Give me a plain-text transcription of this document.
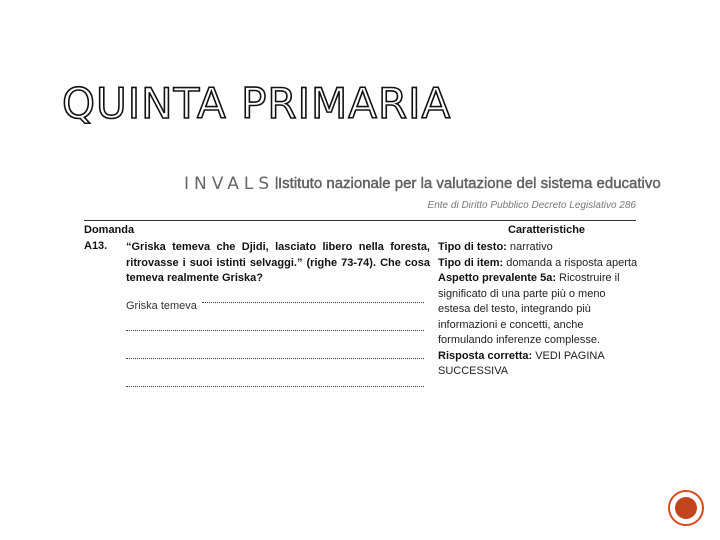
QUINTA PRIMARIA
INVALSI
Istituto nazionale per la valutazione del sistema educativo
Ente di Diritto Pubblico Decreto Legislativo 286
Domanda	Caratteristiche
A13. “Griska temeva che Djidi, lasciato libero nella foresta, ritrovasse i suoi istinti selvaggi.” (righe 73-74). Che cosa temeva realmente Griska?
Griska temeva
Tipo di testo: narrativo
Tipo di item: domanda a risposta aperta
Aspetto prevalente 5a: Ricostruire il significato di una parte più o meno estesa del testo, integrando più informazioni e concetti, anche formulando inferenze complesse.
Risposta corretta: VEDI PAGINA SUCCESSIVA
